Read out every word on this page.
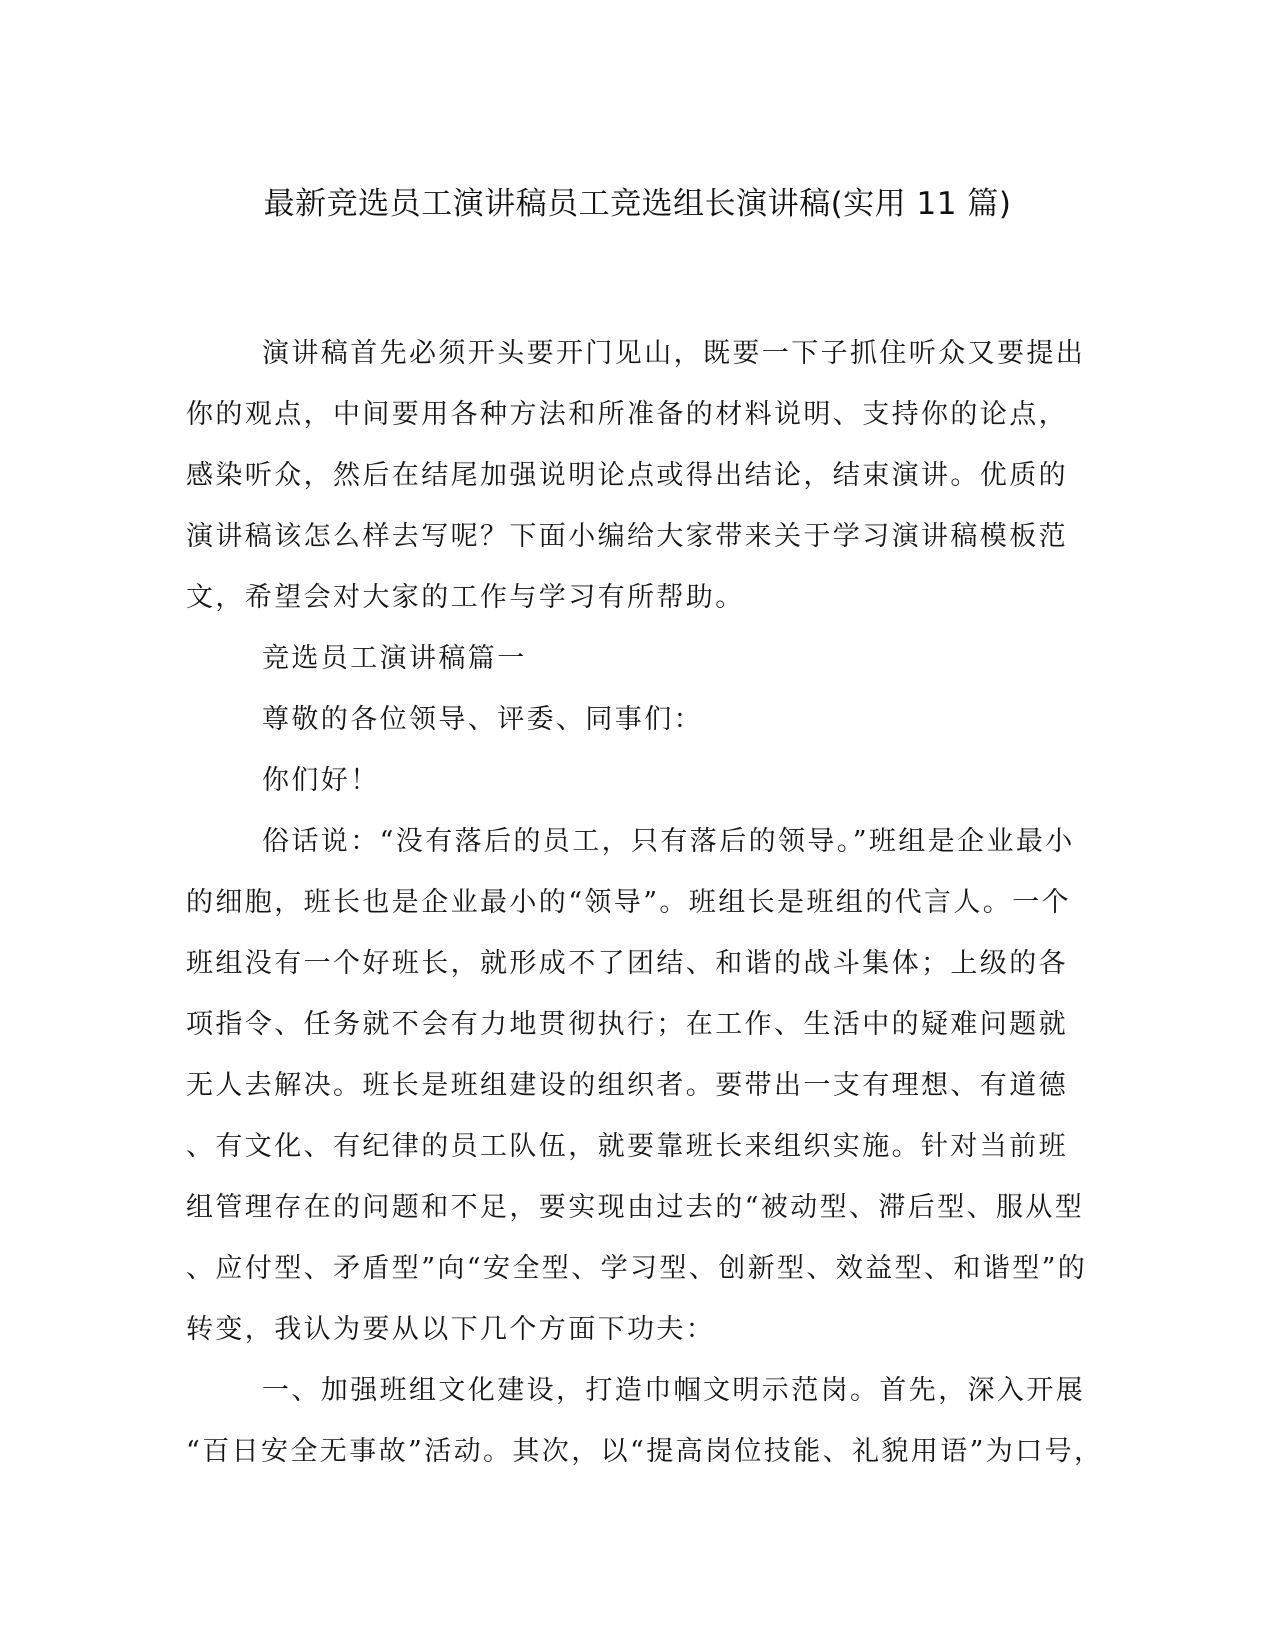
最新竞选员工演讲稿员工竞选组长演讲稿(实用 11 篇)
演讲稿首先必须开头要开门见山，既要一下子抓住听众又要提出
你的观点，中间要用各种方法和所准备的材料说明、支持你的论点，
感染听众，然后在结尾加强说明论点或得出结论，结束演讲。优质的
演讲稿该怎么样去写呢？下面小编给大家带来关于学习演讲稿模板范
文，希望会对大家的工作与学习有所帮助。
竞选员工演讲稿篇一
尊敬的各位领导、评委、同事们：
你们好！
俗话说：“没有落后的员工，只有落后的领导。”班组是企业最小
的细胞，班长也是企业最小的“领导”。班组长是班组的代言人。一个
班组没有一个好班长，就形成不了团结、和谐的战斗集体；上级的各
项指令、任务就不会有力地贯彻执行；在工作、生活中的疑难问题就
无人去解决。班长是班组建设的组织者。要带出一支有理想、有道德
、有文化、有纪律的员工队伍，就要靠班长来组织实施。针对当前班
组管理存在的问题和不足，要实现由过去的“被动型、滞后型、服从型
、应付型、矛盾型”向“安全型、学习型、创新型、效益型、和谐型”的
转变，我认为要从以下几个方面下功夫：
一、加强班组文化建设，打造巾帼文明示范岗。首先，深入开展
“百日安全无事故”活动。其次，以“提高岗位技能、礼貌用语”为口号，
